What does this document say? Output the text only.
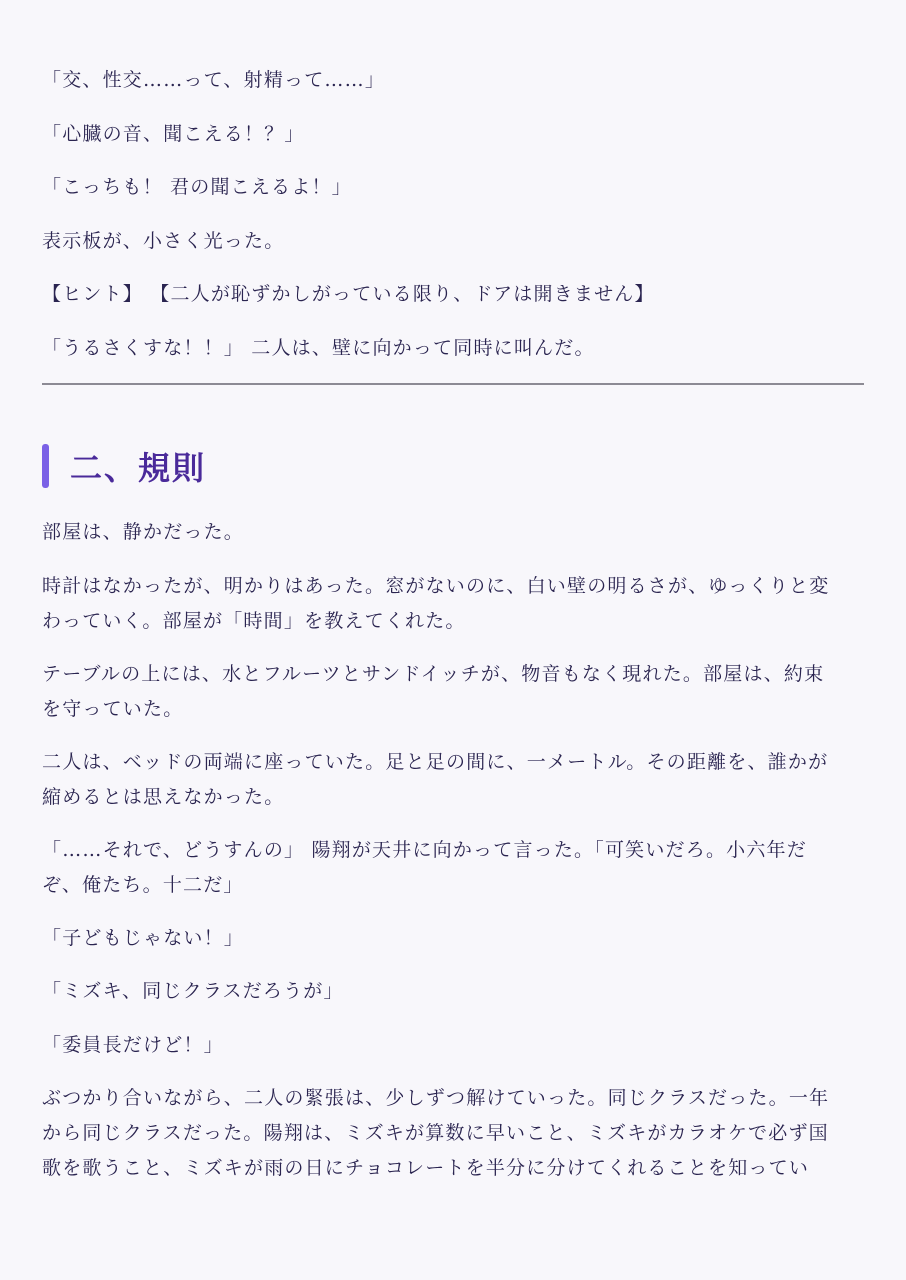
「交、性交……って、射精って……」

「心臓の音、聞こえる！？」

「こっちも！ 君の聞こえるよ！」

表示板が、小さく光った。

【ヒント】 【二人が恥ずかしがっている限り、ドアは開きません】

「うるさくすな！！」 二人は、壁に向かって同時に叫んだ。

二、規則

部屋は、静かだった。

時計はなかったが、明かりはあった。窓がないのに、白い壁の明るさが、ゆっくりと変

わっていく。部屋が「時間」を教えてくれた。

テーブルの上には、水とフルーツとサンドイッチが、物音もなく現れた。部屋は、約束

を守っていた。

二人は、ベッドの両端に座っていた。足と足の間に、一メートル。その距離を、誰かが

縮めるとは思えなかった。

「……それで、どうすんの」 陽翔が天井に向かって言った。「可笑いだろ。小六年だ

ぞ、俺たち。十二だ」

「子どもじゃない！」

「ミズキ、同じクラスだろうが」

「委員長だけど！」

ぶつかり合いながら、二人の緊張は、少しずつ解けていった。同じクラスだった。一年

から同じクラスだった。陽翔は、ミズキが算数に早いこと、ミズキがカラオケで必ず国

歌を歌うこと、ミズキが雨の日にチョコレートを半分に分けてくれることを知ってい
